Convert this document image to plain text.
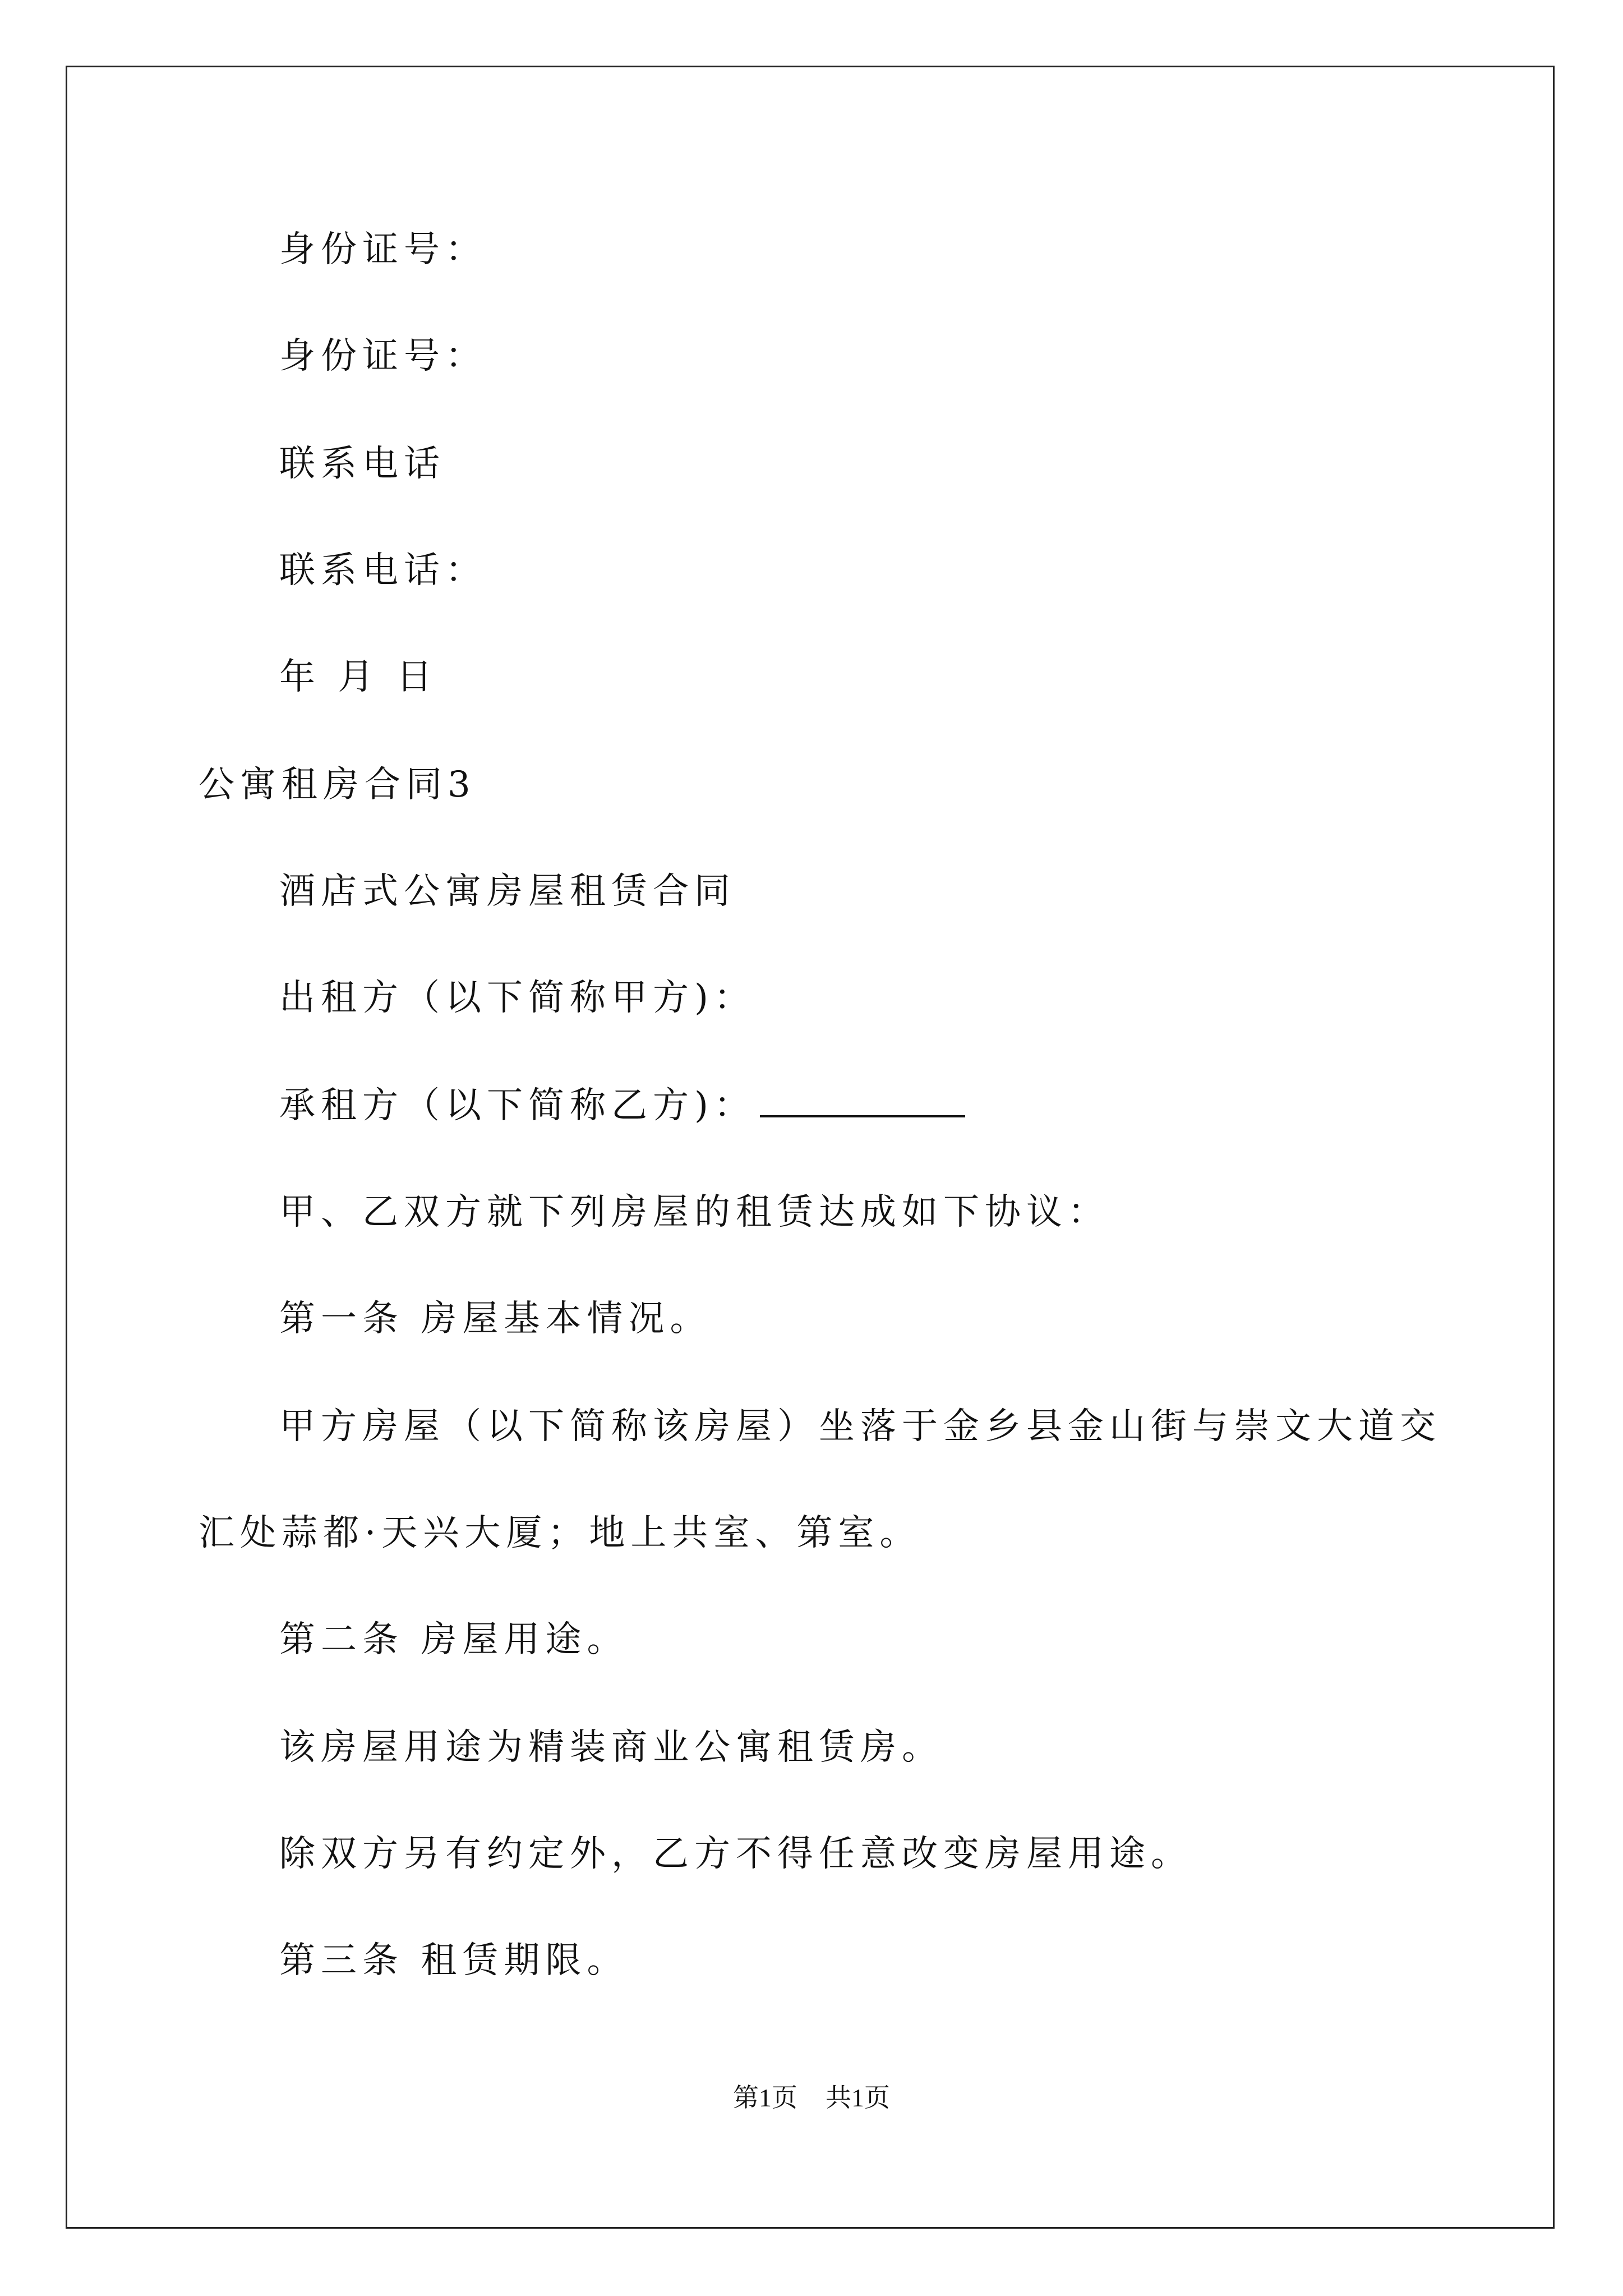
身份证号：
身份证号：
联系电话
联系电话：
年 月 日
公寓租房合同3
酒店式公寓房屋租赁合同
出租方（以下简称甲方)：
承租方（以下简称乙方)：
甲、乙双方就下列房屋的租赁达成如下协议：
第一条 房屋基本情况。
甲方房屋（以下简称该房屋）坐落于金乡县金山街与崇文大道交
汇处蒜都·天兴大厦；地上共室、第室。
第二条 房屋用途。
该房屋用途为精装商业公寓租赁房。
除双方另有约定外，乙方不得任意改变房屋用途。
第三条 租赁期限。
第1页 共1页
